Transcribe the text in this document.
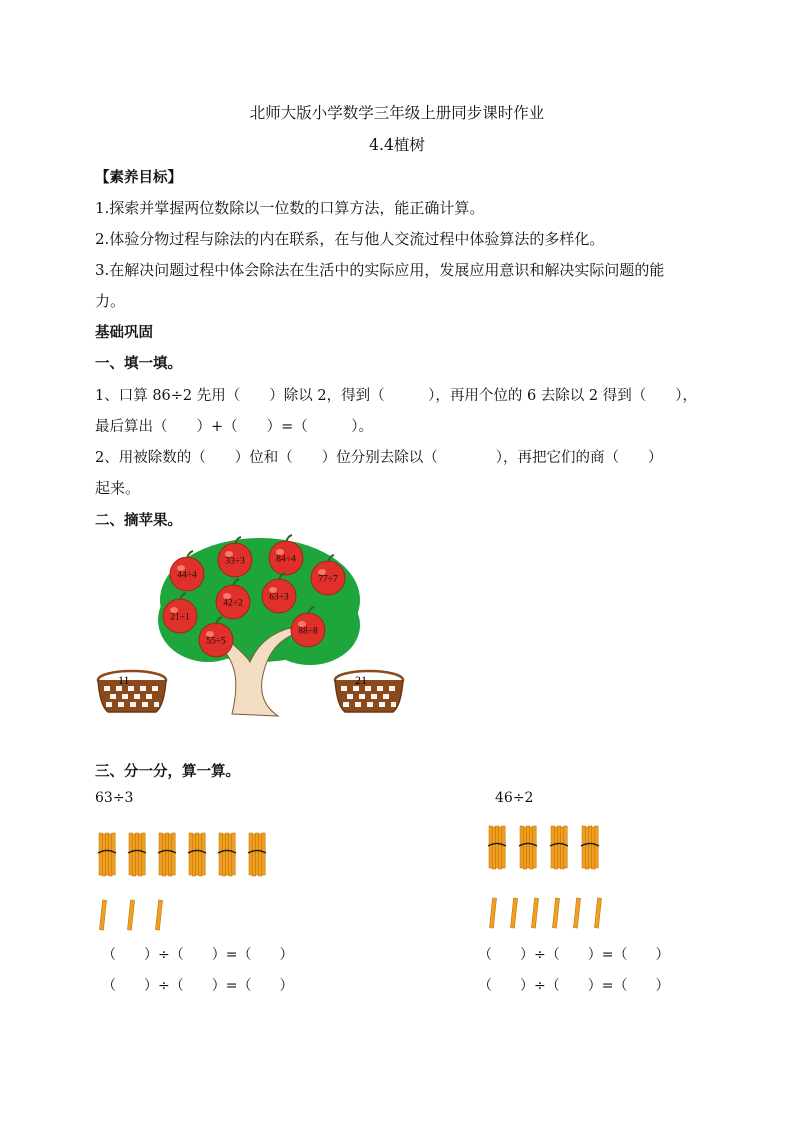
北师大版小学数学三年级上册同步课时作业
4.4植树
【素养目标】
1.探索并掌握两位数除以一位数的口算方法，能正确计算。
2.体验分物过程与除法的内在联系，在与他人交流过程中体验算法的多样化。
3.在解决问题过程中体会除法在生活中的实际应用，发展应用意识和解决实际问题的能
力。
基础巩固
一、填一填。
1、口算 86÷2 先用（　　）除以 2，得到（　　　），再用个位的 6 去除以 2 得到（　　），
最后算出（　　）+（　　）=（　　　）。
2、用被除数的（　　）位和（　　）位分别去除以（　　　　），再把它们的商（　　）
起来。
二、摘苹果。
33÷3	84÷4
44÷4	77÷7
42÷2
63÷3
21÷1
88÷8
55÷5
11	21
三、分一分，算一算。
63÷3	46÷2
（　　）÷（　　）=（　　）
（　　）÷（　　）=（　　）
（　　）÷（　　）=（　　）
（　　）÷（　　）=（　　）
